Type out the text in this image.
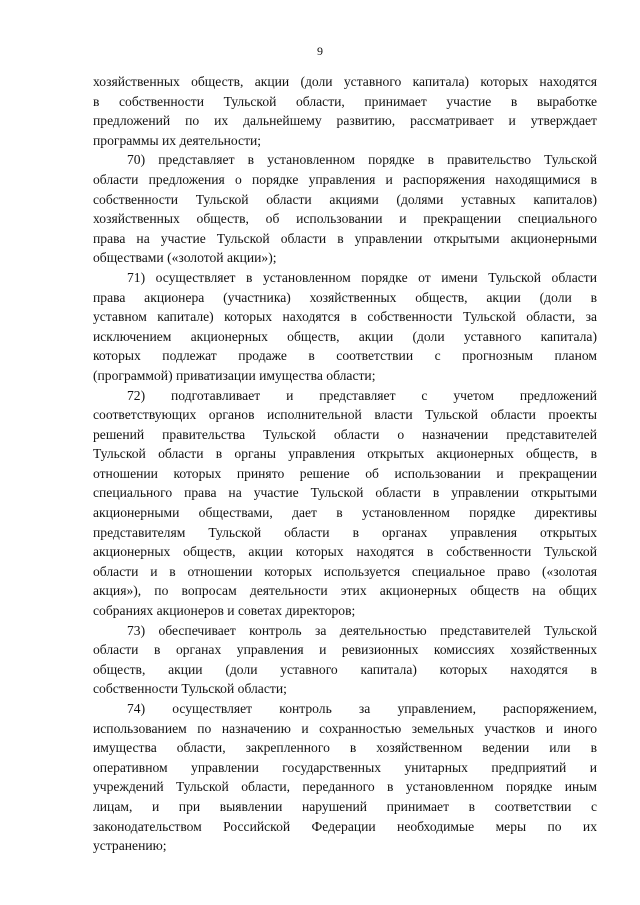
9
хозяйственных обществ, акции (доли уставного капитала) которых находятся
в собственности Тульской области, принимает участие в выработке
предложений по их дальнейшему развитию, рассматривает и утверждает
программы их деятельности;
70) представляет в установленном порядке в правительство Тульской
области предложения о порядке управления и распоряжения находящимися в
собственности Тульской области акциями (долями уставных капиталов)
хозяйственных обществ, об использовании и прекращении специального
права на участие Тульской области в управлении открытыми акционерными
обществами («золотой акции»);
71) осуществляет в установленном порядке от имени Тульской области
права акционера (участника) хозяйственных обществ, акции (доли в
уставном капитале) которых находятся в собственности Тульской области, за
исключением акционерных обществ, акции (доли уставного капитала)
которых подлежат продаже в соответствии с прогнозным планом
(программой) приватизации имущества области;
72) подготавливает и представляет с учетом предложений
соответствующих органов исполнительной власти Тульской области проекты
решений правительства Тульской области о назначении представителей
Тульской области в органы управления открытых акционерных обществ, в
отношении которых принято решение об использовании и прекращении
специального права на участие Тульской области в управлении открытыми
акционерными обществами, дает в установленном порядке директивы
представителям Тульской области в органах управления открытых
акционерных обществ, акции которых находятся в собственности Тульской
области и в отношении которых используется специальное право («золотая
акция»), по вопросам деятельности этих акционерных обществ на общих
собраниях акционеров и советах директоров;
73) обеспечивает контроль за деятельностью представителей Тульской
области в органах управления и ревизионных комиссиях хозяйственных
обществ, акции (доли уставного капитала) которых находятся в
собственности Тульской области;
74) осуществляет контроль за управлением, распоряжением,
использованием по назначению и сохранностью земельных участков и иного
имущества области, закрепленного в хозяйственном ведении или в
оперативном управлении государственных унитарных предприятий и
учреждений Тульской области, переданного в установленном порядке иным
лицам, и при выявлении нарушений принимает в соответствии с
законодательством Российской Федерации необходимые меры по их
устранению;
